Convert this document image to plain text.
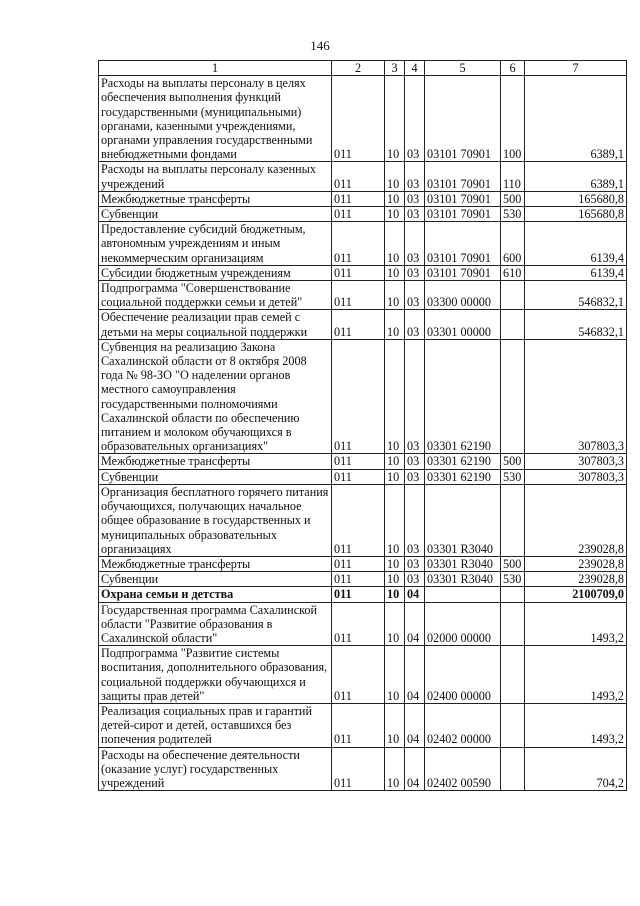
146
1	2	3	4	5	6	7
Расходы на выплаты персоналу в целях обеспечения выполнения функций государственными (муниципальными) органами, казенными учреждениями, органами управления государственными внебюджетными фондами	011	10	03	03101 70901	100	6389,1
Расходы на выплаты персоналу казенных учреждений	011	10	03	03101 70901	110	6389,1
Межбюджетные трансферты	011	10	03	03101 70901	500	165680,8
Субвенции	011	10	03	03101 70901	530	165680,8
Предоставление субсидий бюджетным, автономным учреждениям и иным некоммерческим организациям	011	10	03	03101 70901	600	6139,4
Субсидии бюджетным учреждениям	011	10	03	03101 70901	610	6139,4
Подпрограмма "Совершенствование социальной поддержки семьи и детей"	011	10	03	03300 00000		546832,1
Обеспечение реализации прав семей с детьми на меры социальной поддержки	011	10	03	03301 00000		546832,1
Субвенция на реализацию Закона Сахалинской области от 8 октября 2008 года № 98-ЗО "О наделении органов местного самоуправления государственными полномочиями Сахалинской области по обеспечению питанием и молоком обучающихся в образовательных организациях"	011	10	03	03301 62190		307803,3
Межбюджетные трансферты	011	10	03	03301 62190	500	307803,3
Субвенции	011	10	03	03301 62190	530	307803,3
Организация бесплатного горячего питания обучающихся, получающих начальное общее образование в государственных и муниципальных образовательных организациях	011	10	03	03301 R3040		239028,8
Межбюджетные трансферты	011	10	03	03301 R3040	500	239028,8
Субвенции	011	10	03	03301 R3040	530	239028,8
Охрана семьи и детства	011	10	04			2100709,0
Государственная программа Сахалинской области "Развитие образования в Сахалинской области"	011	10	04	02000 00000		1493,2
Подпрограмма "Развитие системы воспитания, дополнительного образования, социальной поддержки обучающихся и защиты прав детей"	011	10	04	02400 00000		1493,2
Реализация социальных прав и гарантий детей-сирот и детей, оставшихся без попечения родителей	011	10	04	02402 00000		1493,2
Расходы на обеспечение деятельности (оказание услуг) государственных учреждений	011	10	04	02402 00590		704,2
